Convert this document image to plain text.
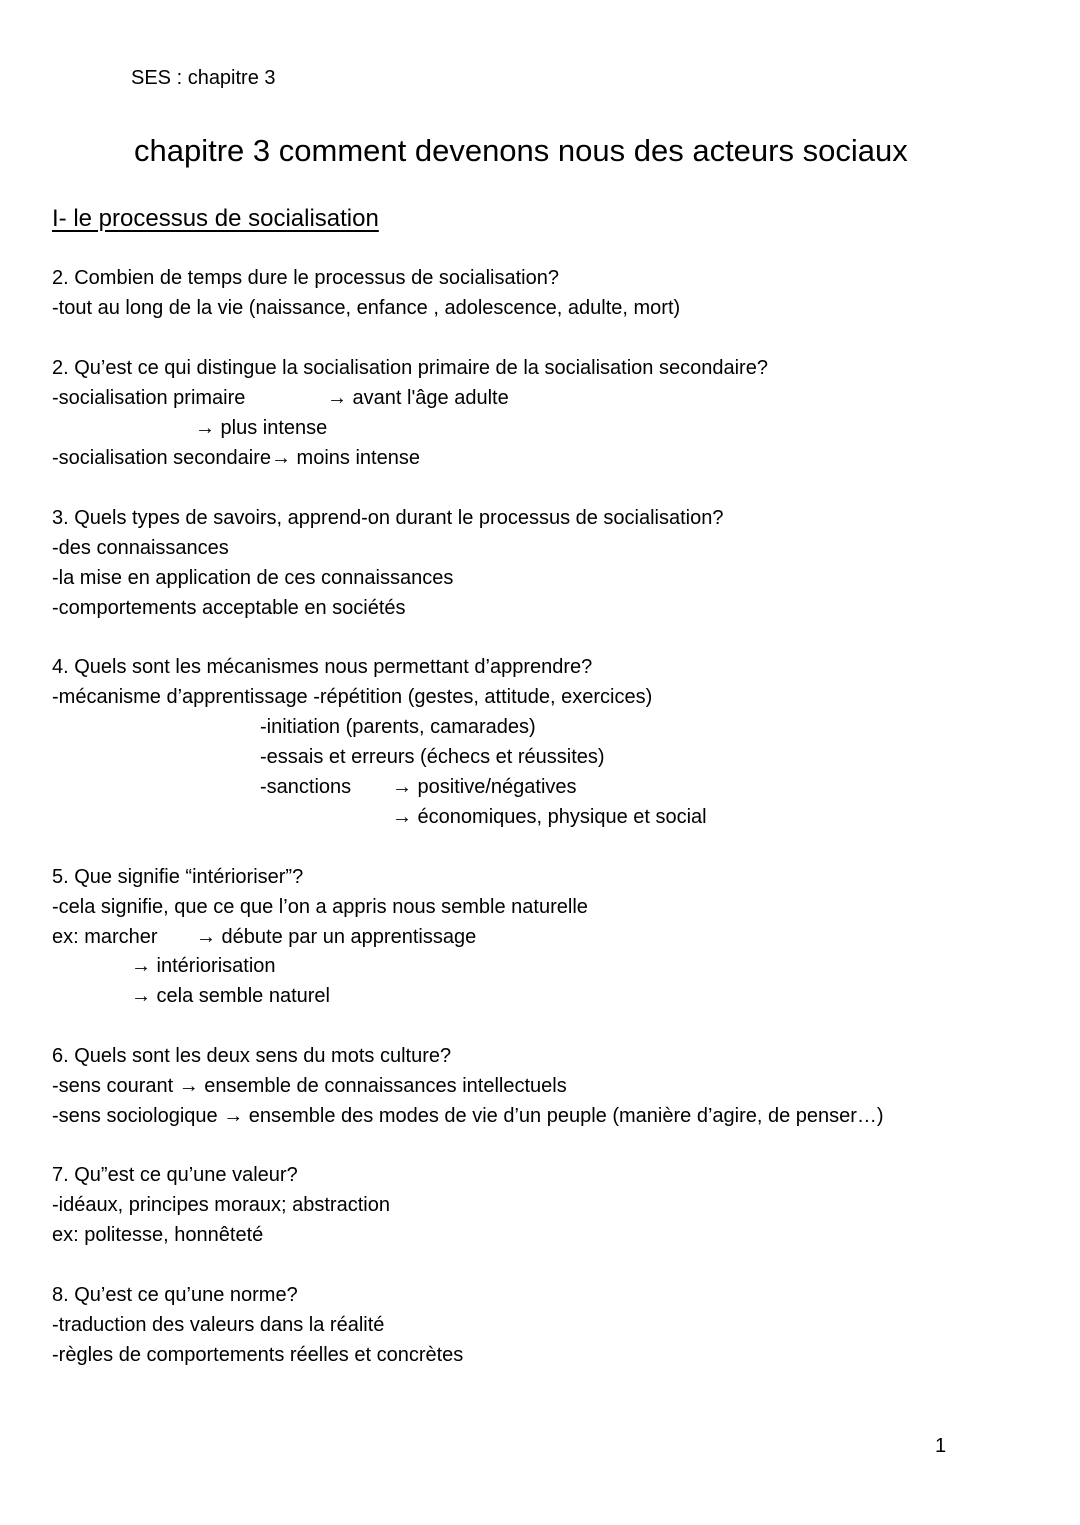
SES : chapitre 3
chapitre 3 comment devenons nous des acteurs sociaux
I- le processus de socialisation
2. Combien de temps dure le processus de socialisation?
-tout au long de la vie (naissance, enfance , adolescence, adulte, mort)
2. Qu’est ce qui distingue la socialisation primaire de la socialisation secondaire?
-socialisation primaire	→ avant l'âge adulte
→ plus intense
-socialisation secondaire→ moins intense
3. Quels types de savoirs, apprend-on durant le processus de socialisation?
-des connaissances
-la mise en application de ces connaissances
-comportements acceptable en sociétés
4. Quels sont les mécanismes nous permettant d’apprendre?
-mécanisme d’apprentissage -répétition (gestes, attitude, exercices)
-initiation (parents, camarades)
-essais et erreurs (échecs et réussites)
-sanctions → positive/négatives
→ économiques, physique et social
5. Que signifie “intérioriser”?
-cela signifie, que ce que l’on a appris nous semble naturelle
ex: marcher → débute par un apprentissage
→ intériorisation
→ cela semble naturel
6. Quels sont les deux sens du mots culture?
-sens courant → ensemble de connaissances intellectuels
-sens sociologique → ensemble des modes de vie d’un peuple (manière d’agire, de penser…)
7. Qu”est ce qu’une valeur?
-idéaux, principes moraux; abstraction
ex: politesse, honnêteté
8. Qu’est ce qu’une norme?
-traduction des valeurs dans la réalité
-règles de comportements réelles et concrètes
1
